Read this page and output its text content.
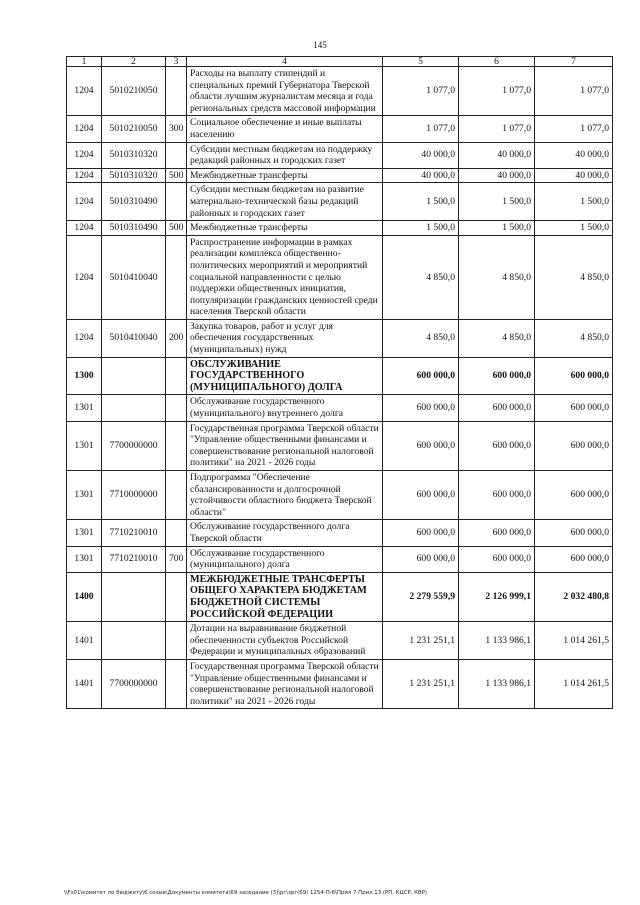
145
1	2	3	4	5	6	7
1204	5010210050		Расходы на выплату стипендий и специальных премий Губернатора Тверской области лучшим журналистам месяца и года региональных средств массовой информации	1 077,0	1 077,0	1 077,0
1204	5010210050	300	Социальное обеспечение и иные выплаты населению	1 077,0	1 077,0	1 077,0
1204	5010310320		Субсидии местным бюджетам на поддержку редакций районных и городских газет	40 000,0	40 000,0	40 000,0
1204	5010310320	500	Межбюджетные трансферты	40 000,0	40 000,0	40 000,0
1204	5010310490		Субсидии местным бюджетам на развитие материально-технической базы редакций районных и городских газет	1 500,0	1 500,0	1 500,0
1204	5010310490	500	Межбюджетные трансферты	1 500,0	1 500,0	1 500,0
1204	5010410040		Распространение информации в рамках реализации комплекса общественно-политических мероприятий и мероприятий социальной направленности с целью поддержки общественных инициатив, популяризации гражданских ценностей среди населения Тверской области	4 850,0	4 850,0	4 850,0
1204	5010410040	200	Закупка товаров, работ и услуг для обеспечения государственных (муниципальных) нужд	4 850,0	4 850,0	4 850,0
1300			ОБСЛУЖИВАНИЕ ГОСУДАРСТВЕННОГО (МУНИЦИПАЛЬНОГО) ДОЛГА	600 000,0	600 000,0	600 000,0
1301			Обслуживание государственного (муниципального) внутреннего долга	600 000,0	600 000,0	600 000,0
1301	7700000000		Государственная программа Тверской области "Управление общественными финансами и совершенствование региональной налоговой политики" на 2021 - 2026 годы	600 000,0	600 000,0	600 000,0
1301	7710000000		Подпрограмма "Обеспечение сбалансированности и долгосрочной устойчивости областного бюджета Тверской области"	600 000,0	600 000,0	600 000,0
1301	7710210010		Обслуживание государственного долга Тверской области	600 000,0	600 000,0	600 000,0
1301	7710210010	700	Обслуживание государственного (муниципального) долга	600 000,0	600 000,0	600 000,0
1400			МЕЖБЮДЖЕТНЫЕ ТРАНСФЕРТЫ ОБЩЕГО ХАРАКТЕРА БЮДЖЕТАМ БЮДЖЕТНОЙ СИСТЕМЫ РОССИЙСКОЙ ФЕДЕРАЦИИ	2 279 559,9	2 126 999,1	2 032 480,8
1401			Дотации на выравнивание бюджетной обеспеченности субъектов Российской Федерации и муниципальных образований	1 231 251,1	1 133 986,1	1 014 261,5
1401	7700000000		Государственная программа Тверской области "Управление общественными финансами и совершенствование региональной налоговой политики" на 2021 - 2026 годы	1 231 251,1	1 133 986,1	1 014 261,5
\\Fs01\комитет по бюджету\6 созыв\Документы комитета\69 заседание (3)\рг\зрг(69) 1254-П-6\Прил 7 Прил 13 (РП, КЦСР, КВР)
